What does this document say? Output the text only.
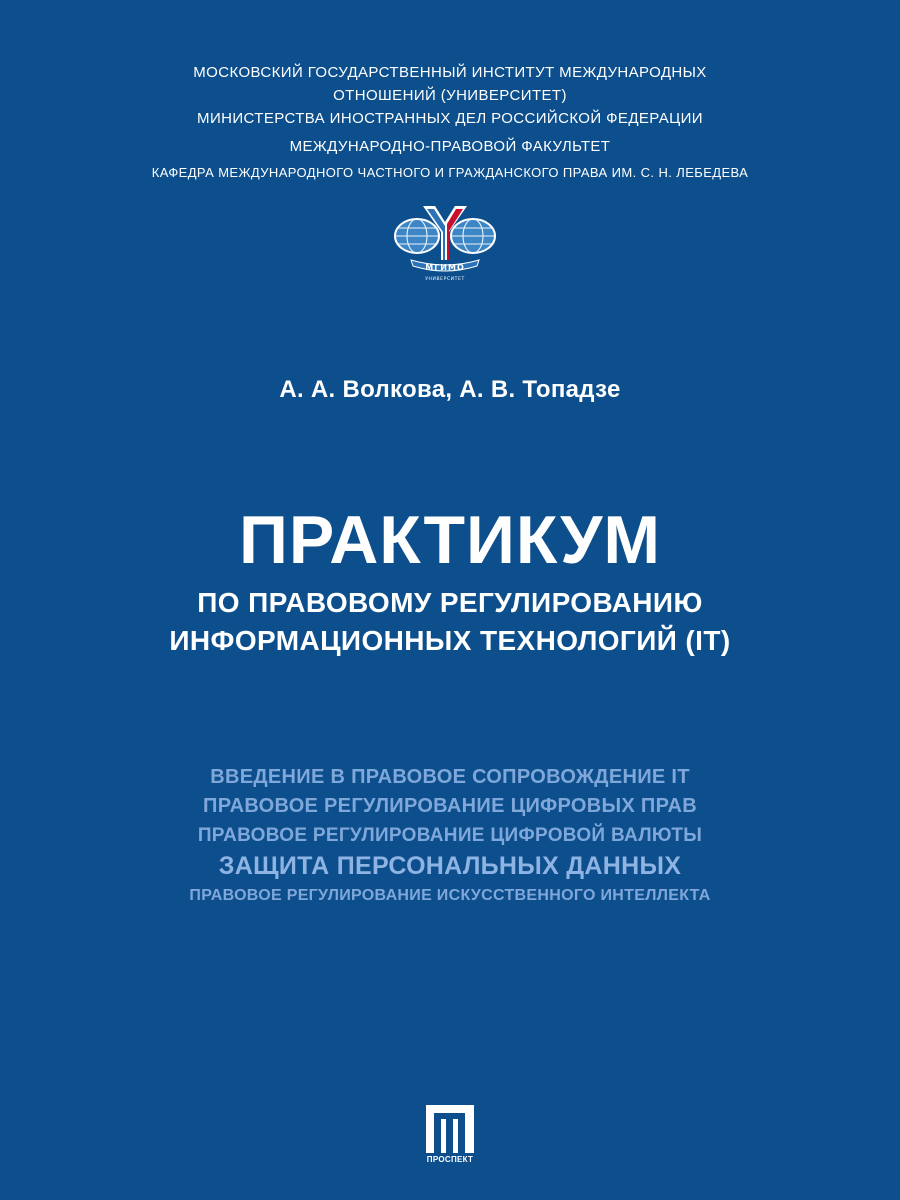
МОСКОВСКИЙ ГОСУДАРСТВЕННЫЙ ИНСТИТУТ МЕЖДУНАРОДНЫХ
ОТНОШЕНИЙ (УНИВЕРСИТЕТ)
МИНИСТЕРСТВА ИНОСТРАННЫХ ДЕЛ РОССИЙСКОЙ ФЕДЕРАЦИИ
МЕЖДУНАРОДНО-ПРАВОВОЙ ФАКУЛЬТЕТ
КАФЕДРА МЕЖДУНАРОДНОГО ЧАСТНОГО И ГРАЖДАНСКОГО ПРАВА ИМ. С. Н. ЛЕБЕДЕВА
МГИМО
УНИВЕРСИТЕТ
А. А. Волкова, А. В. Топадзе
ПРАКТИКУМ
ПО ПРАВОВОМУ РЕГУЛИРОВАНИЮ
ИНФОРМАЦИОННЫХ ТЕХНОЛОГИЙ (IT)
ВВЕДЕНИЕ В ПРАВОВОЕ СОПРОВОЖДЕНИЕ IT
ПРАВОВОЕ РЕГУЛИРОВАНИЕ ЦИФРОВЫХ ПРАВ
ПРАВОВОЕ РЕГУЛИРОВАНИЕ ЦИФРОВОЙ ВАЛЮТЫ
ЗАЩИТА ПЕРСОНАЛЬНЫХ ДАННЫХ
ПРАВОВОЕ РЕГУЛИРОВАНИЕ ИСКУССТВЕННОГО ИНТЕЛЛЕКТА
ПРОСПЕКТ
